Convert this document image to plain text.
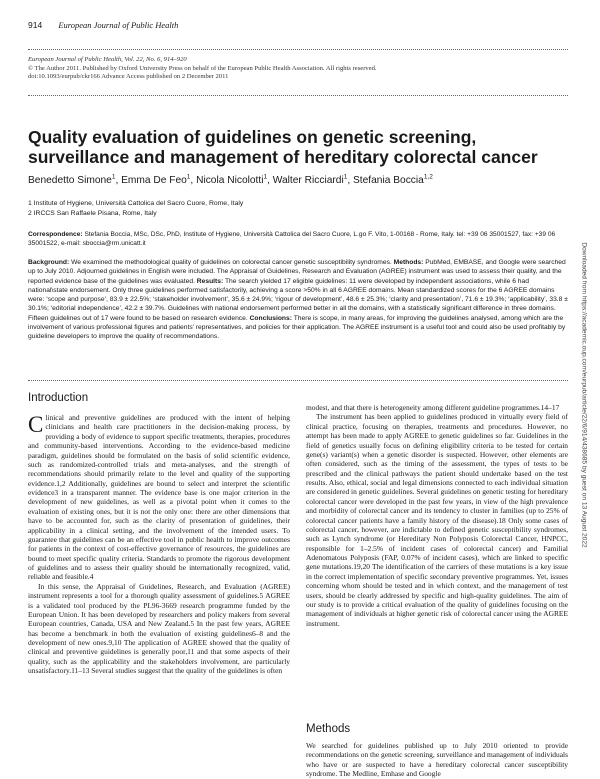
914 European Journal of Public Health
European Journal of Public Health, Vol. 22, No. 6, 914–920
© The Author 2011. Published by Oxford University Press on behalf of the European Public Health Association. All rights reserved.
doi:10.1093/eurpub/ckr166 Advance Access published on 2 December 2011
Quality evaluation of guidelines on genetic screening, surveillance and management of hereditary colorectal cancer
Benedetto Simone$^1$, Emma De Feo$^1$, Nicola Nicolotti$^1$, Walter Ricciardi$^1$, Stefania Boccia$^{1,2}$
1 Institute of Hygiene, Università Cattolica del Sacro Cuore, Rome, Italy
2 IRCCS San Raffaele Pisana, Rome, Italy
Correspondence: Stefania Boccia, MSc, DSc, PhD, Institute of Hygiene, Università Cattolica del Sacro Cuore, L.go F. Vito, 1-00168 - Rome, Italy. tel: +39 06 35001527, fax: +39 06 35001522, e-mail: sboccia@rm.unicatt.it
Background: We examined the methodological quality of guidelines on colorectal cancer genetic susceptibility syndromes. Methods: PubMed, EMBASE, and Google were searched up to July 2010. Adjourned guidelines in English were included. The Appraisal of Guidelines, Research and Evaluation (AGREE) instrument was used to assess their quality, and the reported evidence base of the guidelines was evaluated. Results: The search yielded 17 eligible guidelines: 11 were developed by independent associations, while 6 had national\state endorsement. Only three guidelines performed satisfactorily, achieving a score >50% in all 6 AGREE domains. Mean standardized scores for the 6 AGREE domains were: ‘scope and purpose’, 83.9 ± 22.5%; ‘stakeholder involvement’, 35.6 ± 24.9%; ‘rigour of development’, 48.6 ± 25.3%; ‘clarity and presentation’, 71.6 ± 19.3%; ‘applicability’, 33.8 ± 30.1%; ‘editorial independence’, 42.2 ± 39.7%. Guidelines with national endorsement performed better in all the domains, with a statistically significant difference in three domains. Fifteen guidelines out of 17 were found to be based on research evidence. Conclusions: There is scope, in many areas, for improving the guidelines analysed, among which are the involvement of various professional figures and patients’ representatives, and policies for their application. The AGREE instrument is a useful tool and could also be used profitably by guideline developers to improve the quality of recommendations.
Introduction

Clinical and preventive guidelines are produced with the intent of helping clinicians and health care practitioners in the decision-making process, by providing a body of evidence to support specific treatments, therapies, procedures and community-based interventions. According to the evidence-based medicine paradigm, guidelines should be formulated on the basis of solid scientific evidence, such as randomized-controlled trials and meta-analyses, and the strength of recommendations should primarily relate to the level and quality of the supporting evidence.1,2 Additionally, guidelines are bound to select and interpret the scientific evidence3 in a transparent manner. The evidence base is one major criterion in the development of new guidelines, as well as a pivotal point when it comes to the evaluation of existing ones, but it is not the only one: there are other dimensions that have to be accounted for, such as the clarity of presentation of guidelines, their applicability in a clinical setting, and the involvement of the intended users. To guarantee that guidelines can be an effective tool in public health to improve outcomes for patients in the context of cost-effective governance of resources, the guidelines are bound to meet specific quality criteria. Standards to promote the rigorous development of guidelines and to assess their quality should be internationally recognized, valid, reliable and feasible.4

In this sense, the Appraisal of Guidelines, Research, and Evaluation (AGREE) instrument represents a tool for a thorough quality assessment of guidelines.5 AGREE is a validated tool produced by the PL96-3669 research programme funded by the European Union. It has been developed by researchers and policy makers from several European countries, Canada, USA and New Zealand.5 In the past few years, AGREE has become a benchmark in both the evaluation of existing guidelines6–8 and the development of new ones.9,10 The application of AGREE showed that the quality of clinical and preventive guidelines is generally poor,11 and that some aspects of their quality, such as the applicability and the stakeholders involvement, are particularly unsatisfactory.11–13 Several studies suggest that the quality of the guidelines is often

modest, and that there is heterogeneity among different guideline programmes.14–17

The instrument has been applied to guidelines produced in virtually every field of clinical practice, focusing on therapies, treatments and procedures. However, no attempt has been made to apply AGREE to genetic guidelines so far. Guidelines in the field of genetics usually focus on defining eligibility criteria to be tested for certain gene(s) variant(s) when a genetic disorder is suspected. However, other elements are often considered, such as the timing of the assessment, the types of tests to be prescribed and the clinical pathways the patient should undertake based on the test results. Also, ethical, social and legal dimensions connected to each individual situation are considered in genetic guidelines. Several guidelines on genetic testing for hereditary colorectal cancer were developed in the past few years, in view of the high prevalence and morbidity of colorectal cancer and its tendency to cluster in families (up to 25% of colorectal cancer patients have a family history of the disease).18 Only some cases of colorectal cancer, however, are indictable to defined genetic susceptibility syndromes, such as Lynch syndrome (or Hereditary Non Polyposis Colorectal Cancer, HNPCC, responsible for 1–2.5% of incident cases of colorectal cancer) and Familial Adenomatous Polyposis (FAP, 0.07% of incident cases), which are linked to specific gene mutations.19,20 The identification of the carriers of these mutations is a key issue in the correct implementation of specific secondary preventive programmes. Yet, issues concerning whom should be tested and in which context, and the management of test users, should be clearly addressed by specific and high-quality guidelines. The aim of our study is to provide a critical evaluation of the quality of guidelines focusing on the management of individuals at higher genetic risk of colorectal cancer using the AGREE instrument.

Methods

We searched for guidelines published up to July 2010 oriented to provide recommendations on the genetic screening, surveillance and management of individuals who have or are suspected to have a hereditary colorectal cancer susceptibility syndrome. The Medline, Emhase and Google

Downloaded from https://academic.oup.com/eurpub/article/22/6/914/438685 by guest on 13 August 2022
